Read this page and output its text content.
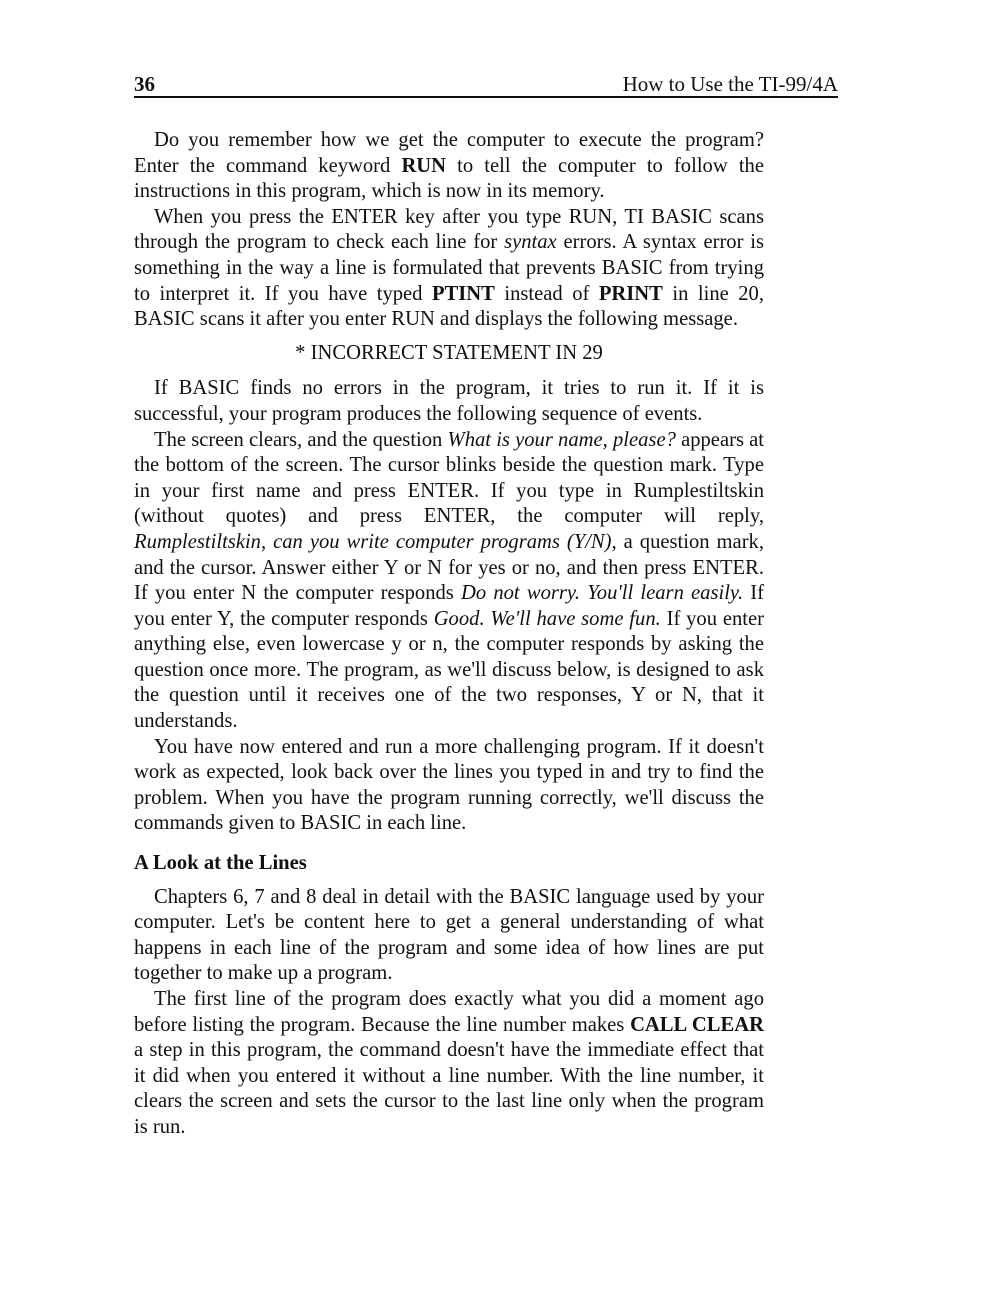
36	How to Use the TI-99/4A

Do you remember how we get the computer to execute the program? Enter the command keyword RUN to tell the computer to follow the instructions in this program, which is now in its memory.

When you press the ENTER key after you type RUN, TI BASIC scans through the program to check each line for syntax errors. A syntax error is something in the way a line is formulated that prevents BASIC from trying to interpret it. If you have typed PTINT instead of PRINT in line 20, BASIC scans it after you enter RUN and displays the following message.

* INCORRECT STATEMENT IN 29

If BASIC finds no errors in the program, it tries to run it. If it is successful, your program produces the following sequence of events.

The screen clears, and the question What is your name, please? appears at the bottom of the screen. The cursor blinks beside the question mark. Type in your first name and press ENTER. If you type in Rumplestiltskin (without quotes) and press ENTER, the computer will reply, Rumplestiltskin, can you write computer programs (Y/N), a question mark, and the cursor. Answer either Y or N for yes or no, and then press ENTER. If you enter N the computer responds Do not worry. You'll learn easily. If you enter Y, the computer responds Good. We'll have some fun. If you enter anything else, even lowercase y or n, the computer responds by asking the question once more. The program, as we'll discuss below, is designed to ask the question until it receives one of the two responses, Y or N, that it understands.

You have now entered and run a more challenging program. If it doesn't work as expected, look back over the lines you typed in and try to find the problem. When you have the program running correctly, we'll discuss the commands given to BASIC in each line.

A Look at the Lines

Chapters 6, 7 and 8 deal in detail with the BASIC language used by your computer. Let's be content here to get a general understanding of what happens in each line of the program and some idea of how lines are put together to make up a program.

The first line of the program does exactly what you did a moment ago before listing the program. Because the line number makes CALL CLEAR a step in this program, the command doesn't have the immediate effect that it did when you entered it without a line number. With the line number, it clears the screen and sets the cursor to the last line only when the program is run.
